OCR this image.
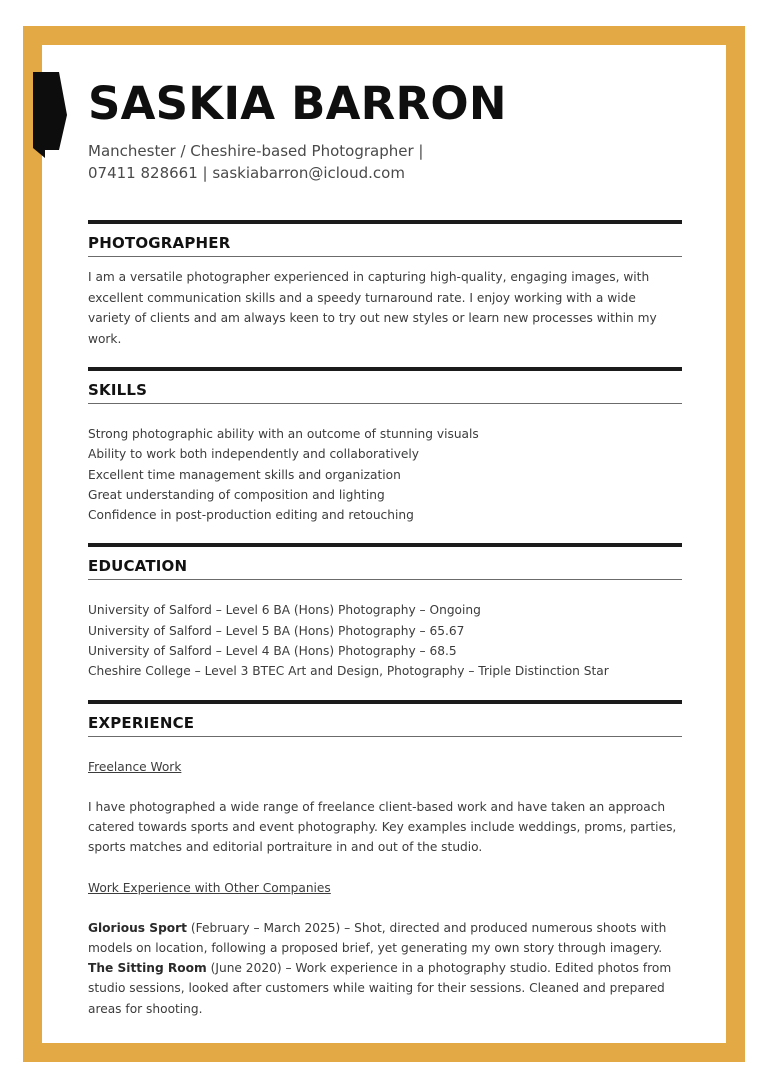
SASKIA BARRON
Manchester / Cheshire-based Photographer |
07411 828661 | saskiabarron@icloud.com
PHOTOGRAPHER
I am a versatile photographer experienced in capturing high-quality, engaging images, with excellent communication skills and a speedy turnaround rate. I enjoy working with a wide variety of clients and am always keen to try out new styles or learn new processes within my work.
SKILLS
Strong photographic ability with an outcome of stunning visuals
Ability to work both independently and collaboratively
Excellent time management skills and organization
Great understanding of composition and lighting
Confidence in post-production editing and retouching
EDUCATION
University of Salford – Level 6 BA (Hons) Photography – Ongoing
University of Salford – Level 5 BA (Hons) Photography – 65.67
University of Salford – Level 4 BA (Hons) Photography – 68.5
Cheshire College – Level 3 BTEC Art and Design, Photography – Triple Distinction Star
EXPERIENCE
Freelance Work
I have photographed a wide range of freelance client-based work and have taken an approach catered towards sports and event photography. Key examples include weddings, proms, parties, sports matches and editorial portraiture in and out of the studio.
Work Experience with Other Companies
Glorious Sport (February – March 2025) – Shot, directed and produced numerous shoots with models on location, following a proposed brief, yet generating my own story through imagery.
The Sitting Room (June 2020) – Work experience in a photography studio. Edited photos from studio sessions, looked after customers while waiting for their sessions. Cleaned and prepared areas for shooting.
